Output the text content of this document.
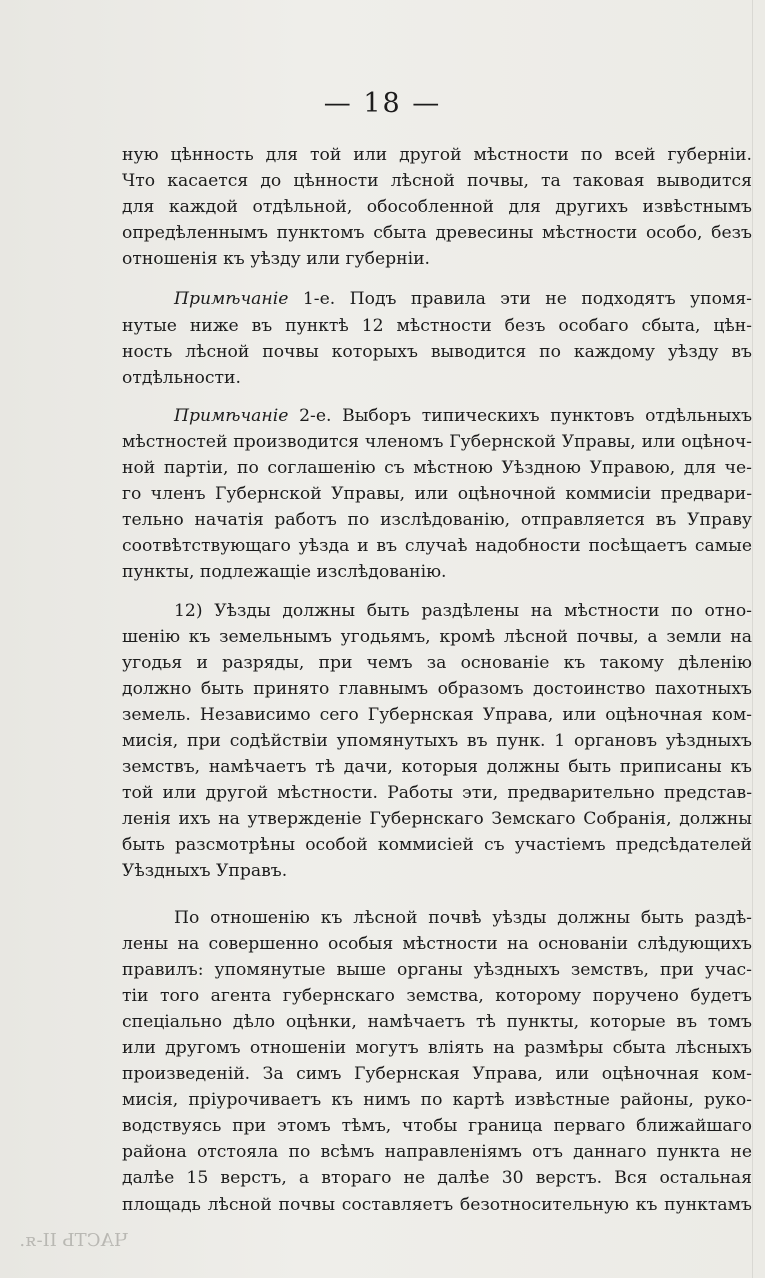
— 18 —

ную цѣнность для той или другой мѣстности по всей губерніи.

Что касается до цѣнности лѣсной почвы, та таковая выводится

для каждой отдѣльной, обособленной для другихъ извѣстнымъ

опредѣленнымъ пунктомъ сбыта древесины мѣстности особо, безъ

отношенія къ уѣзду или губерніи.

Примѣчаніе 1-е. Подъ правила эти не подходятъ упомя-

нутые ниже въ пунктѣ 12 мѣстности безъ особаго сбыта, цѣн-

ность лѣсной почвы которыхъ выводится по каждому уѣзду въ

отдѣльности.

Примѣчаніе 2-е. Выборъ типическихъ пунктовъ отдѣльныхъ

мѣстностей производится членомъ Губернской Управы, или оцѣноч-

ной партіи, по соглашенію съ мѣстною Уѣздною Управою, для че-

го членъ Губернской Управы, или оцѣночной коммисіи предвари-

тельно начатія работъ по изслѣдованію, отправляется въ Управу

соотвѣтствующаго уѣзда и въ случаѣ надобности посѣщаетъ самые

пункты, подлежащіе изслѣдованію.

12) Уѣзды должны быть раздѣлены на мѣстности по отно-

шенію къ земельнымъ угодьямъ, кромѣ лѣсной почвы, а земли на

угодья и разряды, при чемъ за основаніе къ такому дѣленію

должно быть принято главнымъ образомъ достоинство пахотныхъ

земель. Независимо сего Губернская Управа, или оцѣночная ком-

мисія, при содѣйствіи упомянутыхъ въ пунк. 1 органовъ уѣздныхъ

земствъ, намѣчаетъ тѣ дачи, которыя должны быть приписаны къ

той или другой мѣстности. Работы эти, предварительно представ-

ленія ихъ на утвержденіе Губернскаго Земскаго Собранія, должны

быть разсмотрѣны особой коммисіей съ участіемъ предсѣдателей

Уѣздныхъ Управъ.

По отношенію къ лѣсной почвѣ уѣзды должны быть раздѣ-

лены на совершенно особыя мѣстности на основаніи слѣдующихъ

правилъ: упомянутые выше органы уѣздныхъ земствъ, при учас-

тіи того агента губернскаго земства, которому поручено будетъ

спеціально дѣло оцѣнки, намѣчаетъ тѣ пункты, которые въ томъ

или другомъ отношеніи могутъ вліять на размѣры сбыта лѣсныхъ

произведеній. За симъ Губернская Управа, или оцѣночная ком-

мисія, пріурочиваетъ къ нимъ по картѣ извѣстные районы, руко-

водствуясь при этомъ тѣмъ, чтобы граница перваго ближайшаго

района отстояла по всѣмъ направленіямъ отъ даннаго пункта не

далѣе 15 верстъ, а втораго не далѣе 30 верстъ. Вся остальная

площадь лѣсной почвы составляетъ безотносительную къ пунктамъ

ЧАСТЬ II-я.
